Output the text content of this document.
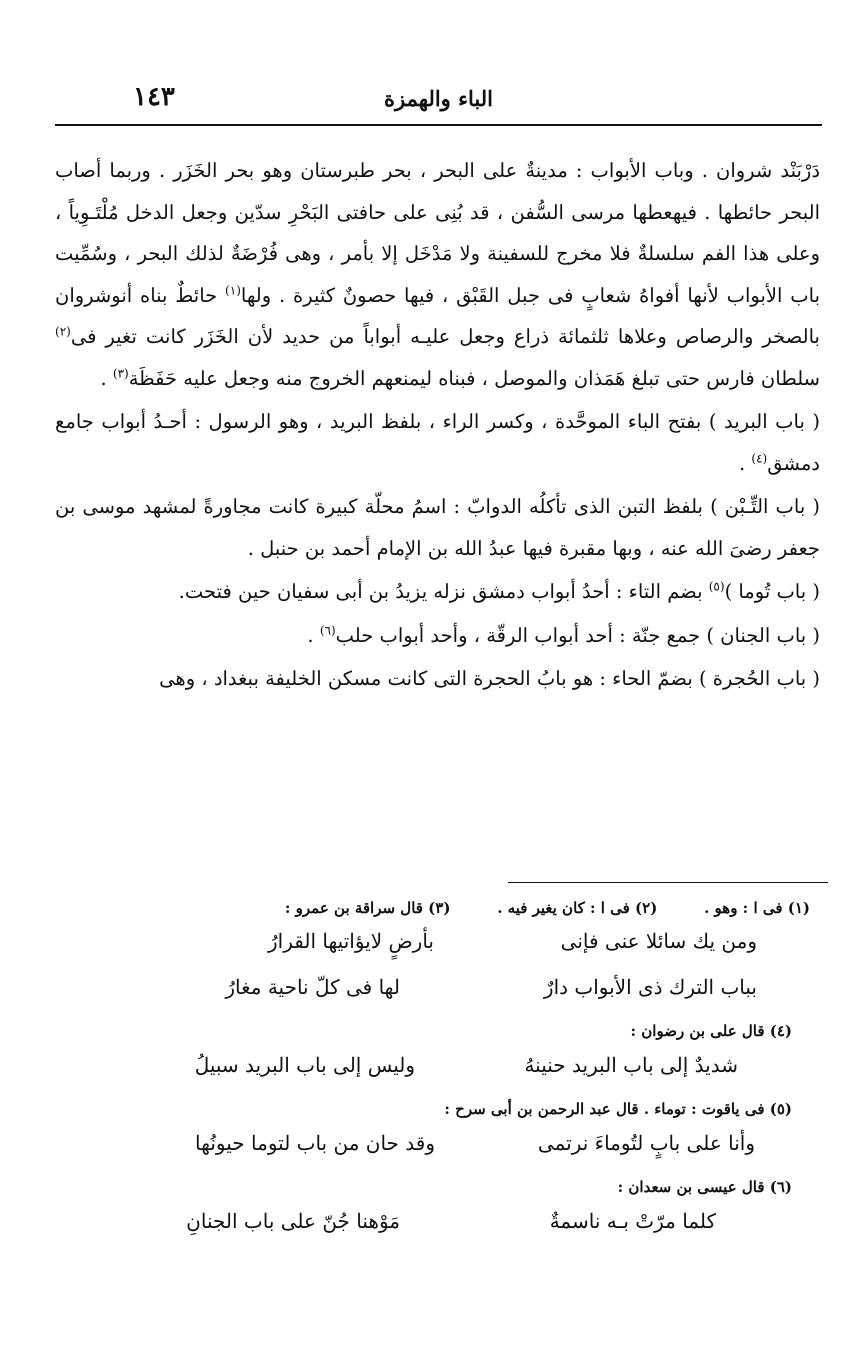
١٤٣	الباء والهمزة

دَرْبَنْد شروان . وباب الأبواب : مدينةٌ على البحر ، بحر طبرستان وهو بحر الخَزَر . وربما أصاب البحر حائطها . فيهعطها مرسى السُّفن ، قد بُنِى على حافتى البَحْرِ سدّين وجعل الدخل مُلْتَـوِياً ، وعلى هذا الفم سلسلةٌ فلا مخرج للسفينة ولا مَدْخَل إلا بأمر ، وهى فُرْضَةٌ لذلك البحر ، وسُمِّيت باب الأبواب لأنها أفواهُ شعابٍ فى جبل القَبْق ، فيها حصونٌ كثيرة . ولها$^{(١)}$ حائطٌ بناه أنوشروان بالصخر والرصاص وعلاها ثلثمائة ذراع وجعل عليـه أبواباً من حديد لأن الخَزَر كانت تغير فى$^{(٢)}$ سلطان فارس حتى تبلغ هَمَذان والموصل ، فبناه ليمنعهم الخروج منه وجعل عليه حَفَظَة$^{(٣)}$ .

( باب البريد ) بفتح الباء الموحَّدة ، وكسر الراء ، بلفظ البريد ، وهو الرسول : أحـدُ أبواب جامع دمشق$^{(٤)}$ .

( باب التِّـبْن ) بلفظ التبن الذى تأكلُه الدوابّ : اسمُ محلّة كبيرة كانت مجاورةً لمشهد موسى بن جعفر رضىَ الله عنه ، وبها مقبرة فيها عبدُ الله بن الإمام أحمد بن حنبل .

( باب تُوما )$^{(٥)}$ بضم التاء : أحدُ أبواب دمشق نزله يزيدُ بن أبى سفيان حين فتحت.

( باب الجنان ) جمع جنّة : أحد أبواب الرقّة ، وأحد أبواب حلب$^{(٦)}$ .

( باب الحُجرة ) بضمّ الحاء : هو بابُ الحجرة التى كانت مسكن الخليفة ببغداد ، وهى

(١) فى ا : وهو . (٢) فى ا : كان يغير فيه . (٣) قال سراقة بن عمرو :
ومن يك سائلا عنى فإنى
بأرضٍ لايؤاتيها القرارُ
بباب الترك ذى الأبواب دارٌ
لها فى كلّ ناحية مغارُ
(٤) قال على بن رضوان :
شديدٌ إلى باب البريد حنينهُ
وليس إلى باب البريد سبيلُ
(٥) فى ياقوت : توماء . قال عبد الرحمن بن أبى سرح :
وأنا على بابٍ لتُوماءَ نرتمى
وقد حان من باب لتوما حيونُها
(٦) قال عيسى بن سعدان :
كلما مرّتْ بـه ناسمةٌ
مَوْهنا جُنّ على باب الجنانِ
